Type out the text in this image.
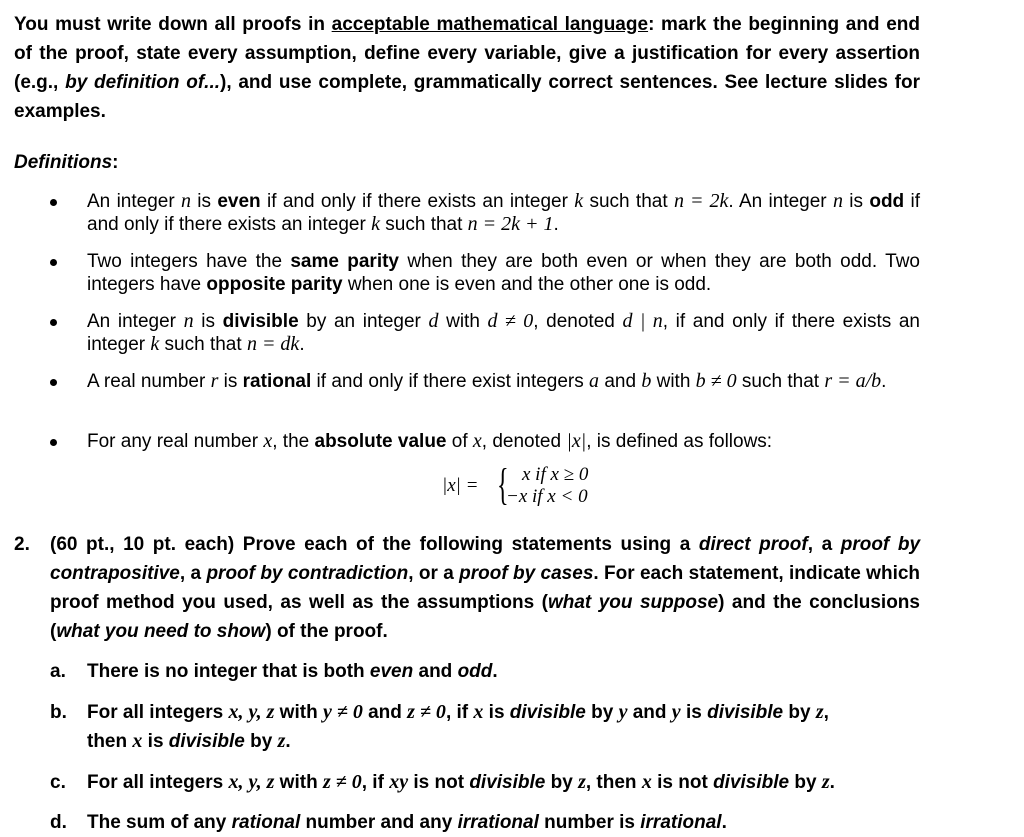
You must write down all proofs in acceptable mathematical language: mark the beginning and end of the proof, state every assumption, define every variable, give a justification for every assertion (e.g., by definition of...), and use complete, grammatically correct sentences. See lecture slides for examples.
Definitions:
An integer n is even if and only if there exists an integer k such that n = 2k. An integer n is odd if and only if there exists an integer k such that n = 2k + 1.
Two integers have the same parity when they are both even or when they are both odd. Two integers have opposite parity when one is even and the other one is odd.
An integer n is divisible by an integer d with d ≠ 0, denoted d | n, if and only if there exists an integer k such that n = dk.
A real number r is rational if and only if there exist integers a and b with b ≠ 0 such that r = a/b.
For any real number x, the absolute value of x, denoted |x|, is defined as follows:
|x| = { x if x ≥ 0
−x if x < 0
2. (60 pt., 10 pt. each) Prove each of the following statements using a direct proof, a proof by contrapositive, a proof by contradiction, or a proof by cases. For each statement, indicate which proof method you used, as well as the assumptions (what you suppose) and the conclusions (what you need to show) of the proof.
a. There is no integer that is both even and odd.
b. For all integers x, y, z with y ≠ 0 and z ≠ 0, if x is divisible by y and y is divisible by z,
then x is divisible by z.
c. For all integers x, y, z with z ≠ 0, if xy is not divisible by z, then x is not divisible by z.
d. The sum of any rational number and any irrational number is irrational.
